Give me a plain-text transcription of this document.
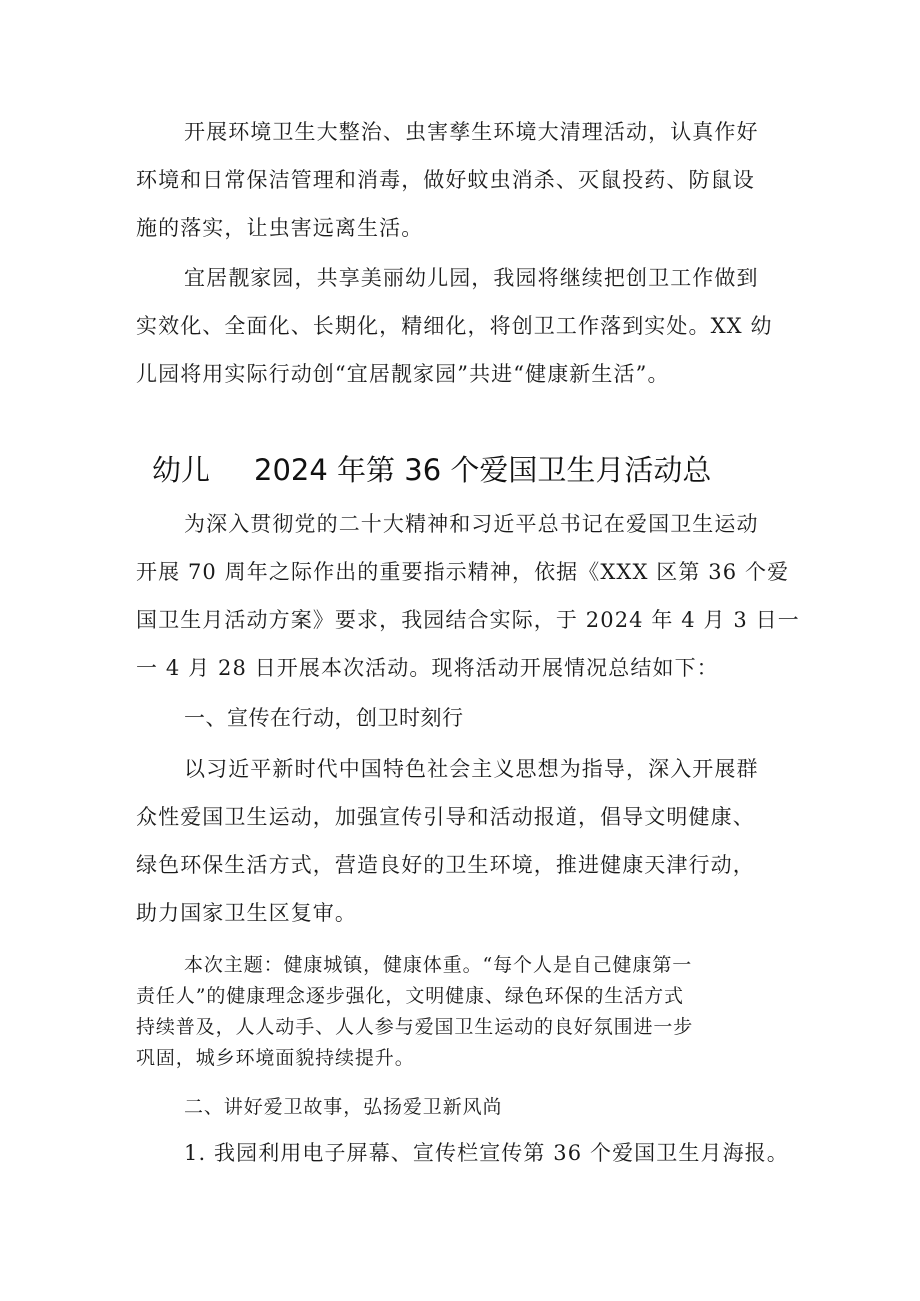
开展环境卫生大整治、虫害孳生环境大清理活动，认真作好
环境和日常保洁管理和消毒，做好蚊虫消杀、灭鼠投药、防鼠设
施的落实，让虫害远离生活。
宜居靓家园，共享美丽幼儿园，我园将继续把创卫工作做到
实效化、全面化、长期化，精细化，将创卫工作落到实处。XX 幼
儿园将用实际行动创“宜居靓家园”共进“健康新生活”。
幼儿 2024 年第 36 个爱国卫生月活动总
为深入贯彻党的二十大精神和习近平总书记在爱国卫生运动
开展 70 周年之际作出的重要指示精神，依据《XXX 区第 36 个爱
国卫生月活动方案》要求，我园结合实际，于 2024 年 4 月 3 日一
一 4 月 28 日开展本次活动。现将活动开展情况总结如下：
一、宣传在行动，创卫时刻行
以习近平新时代中国特色社会主义思想为指导，深入开展群
众性爱国卫生运动，加强宣传引导和活动报道，倡导文明健康、
绿色环保生活方式，营造良好的卫生环境，推进健康天津行动，
助力国家卫生区复审。
本次主题：健康城镇，健康体重。“每个人是自己健康第一
责任人”的健康理念逐步强化，文明健康、绿色环保的生活方式
持续普及，人人动手、人人参与爱国卫生运动的良好氛围进一步
巩固，城乡环境面貌持续提升。
二、讲好爱卫故事，弘扬爱卫新风尚
1. 我园利用电子屏幕、宣传栏宣传第 36 个爱国卫生月海报。
